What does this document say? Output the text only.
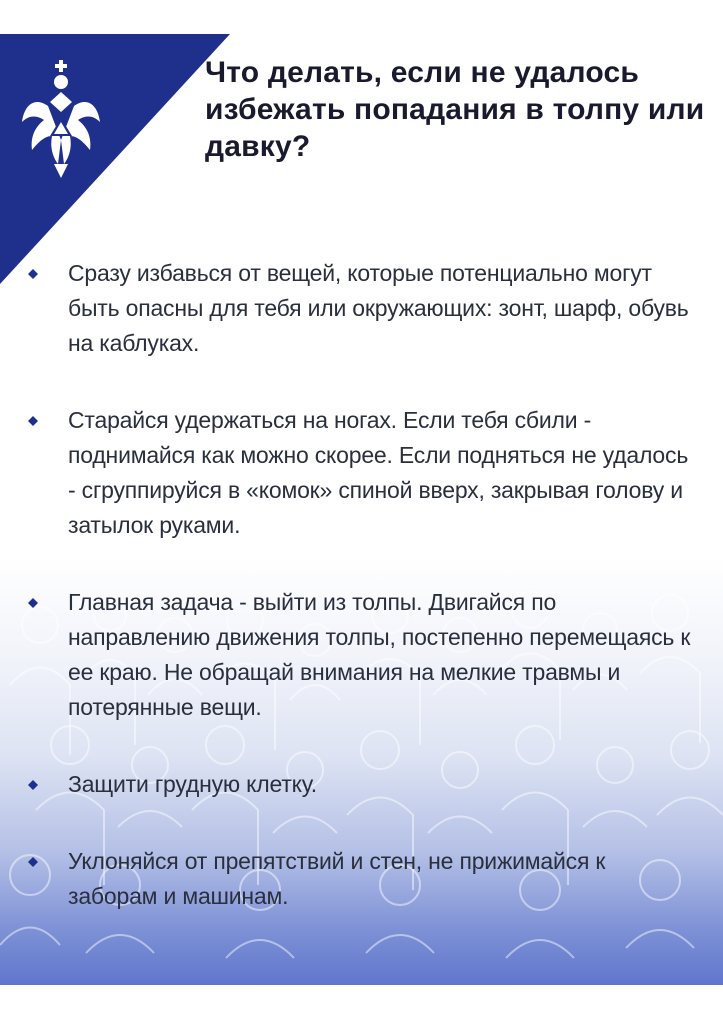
Что делать, если не удалось избежать попадания в толпу или давку?
Сразу избавься от вещей, которые потенциально могут быть опасны для тебя или окружающих: зонт, шарф, обувь на каблуках.
Старайся удержаться на ногах. Если тебя сбили - поднимайся как можно скорее. Если подняться не удалось - сгруппируйся в «комок» спиной вверх, закрывая голову и затылок руками.
Главная задача - выйти из толпы. Двигайся по направлению движения толпы, постепенно перемещаясь к ее краю. Не обращай внимания на мелкие травмы и потерянные вещи.
Защити грудную клетку.
Уклоняйся от препятствий и стен, не прижимайся к заборам и машинам.
